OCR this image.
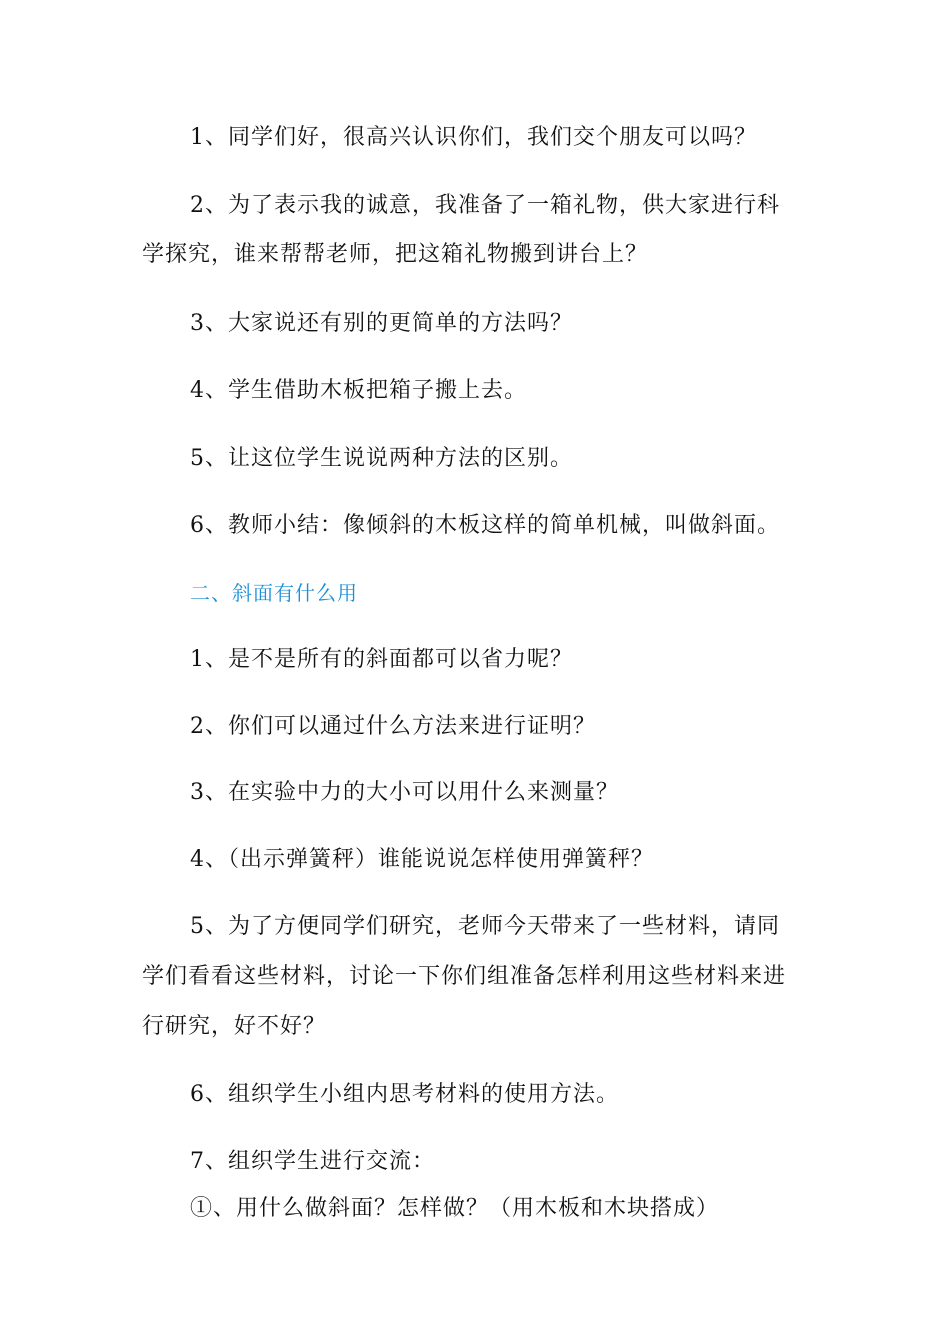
1、同学们好，很高兴认识你们，我们交个朋友可以吗？
2、为了表示我的诚意，我准备了一箱礼物，供大家进行科
学探究，谁来帮帮老师，把这箱礼物搬到讲台上？
3、大家说还有别的更简单的方法吗？
4、学生借助木板把箱子搬上去。
5、让这位学生说说两种方法的区别。
6、教师小结：像倾斜的木板这样的简单机械，叫做斜面。
二、斜面有什么用
1、是不是所有的斜面都可以省力呢？
2、你们可以通过什么方法来进行证明？
3、在实验中力的大小可以用什么来测量？
4、（出示弹簧秤）谁能说说怎样使用弹簧秤？
5、为了方便同学们研究，老师今天带来了一些材料，请同
学们看看这些材料，讨论一下你们组准备怎样利用这些材料来进
行研究，好不好？
6、组织学生小组内思考材料的使用方法。
7、组织学生进行交流：
①、用什么做斜面？怎样做？（用木板和木块搭成）
